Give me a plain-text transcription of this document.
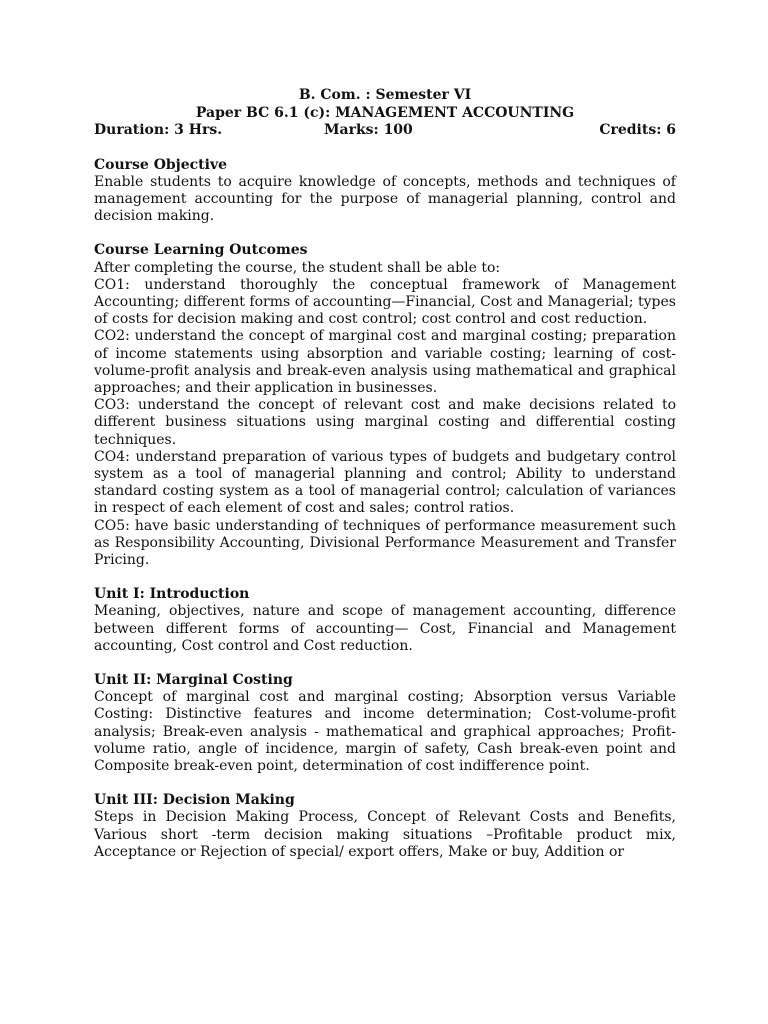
B. Com. : Semester VI
Paper BC 6.1 (c): MANAGEMENT ACCOUNTING
Duration: 3 Hrs.	Marks: 100	Credits: 6
Course Objective

Enable students to acquire knowledge of concepts, methods and techniques of management accounting for the purpose of managerial planning, control and decision making.

Course Learning Outcomes

After completing the course, the student shall be able to:

CO1: understand thoroughly the conceptual framework of Management Accounting; different forms of accounting—Financial, Cost and Managerial; types of costs for decision making and cost control; cost control and cost reduction.

CO2: understand the concept of marginal cost and marginal costing; preparation of income statements using absorption and variable costing; learning of cost-volume-profit analysis and break-even analysis using mathematical and graphical approaches; and their application in businesses.

CO3: understand the concept of relevant cost and make decisions related to different business situations using marginal costing and differential costing techniques.

CO4: understand preparation of various types of budgets and budgetary control system as a tool of managerial planning and control; Ability to understand standard costing system as a tool of managerial control; calculation of variances in respect of each element of cost and sales; control ratios.

CO5: have basic understanding of techniques of performance measurement such as Responsibility Accounting, Divisional Performance Measurement and Transfer Pricing.

Unit I: Introduction

Meaning, objectives, nature and scope of management accounting, difference between different forms of accounting— Cost, Financial and Management accounting, Cost control and Cost reduction.

Unit II: Marginal Costing

Concept of marginal cost and marginal costing; Absorption versus Variable Costing: Distinctive features and income determination; Cost-volume-profit analysis; Break-even analysis - mathematical and graphical approaches; Profit-volume ratio, angle of incidence, margin of safety, Cash break-even point and Composite break-even point, determination of cost indifference point.

Unit III: Decision Making

Steps in Decision Making Process, Concept of Relevant Costs and Benefits, Various short -term decision making situations –Profitable product mix, Acceptance or Rejection of special/ export offers, Make or buy, Addition or
